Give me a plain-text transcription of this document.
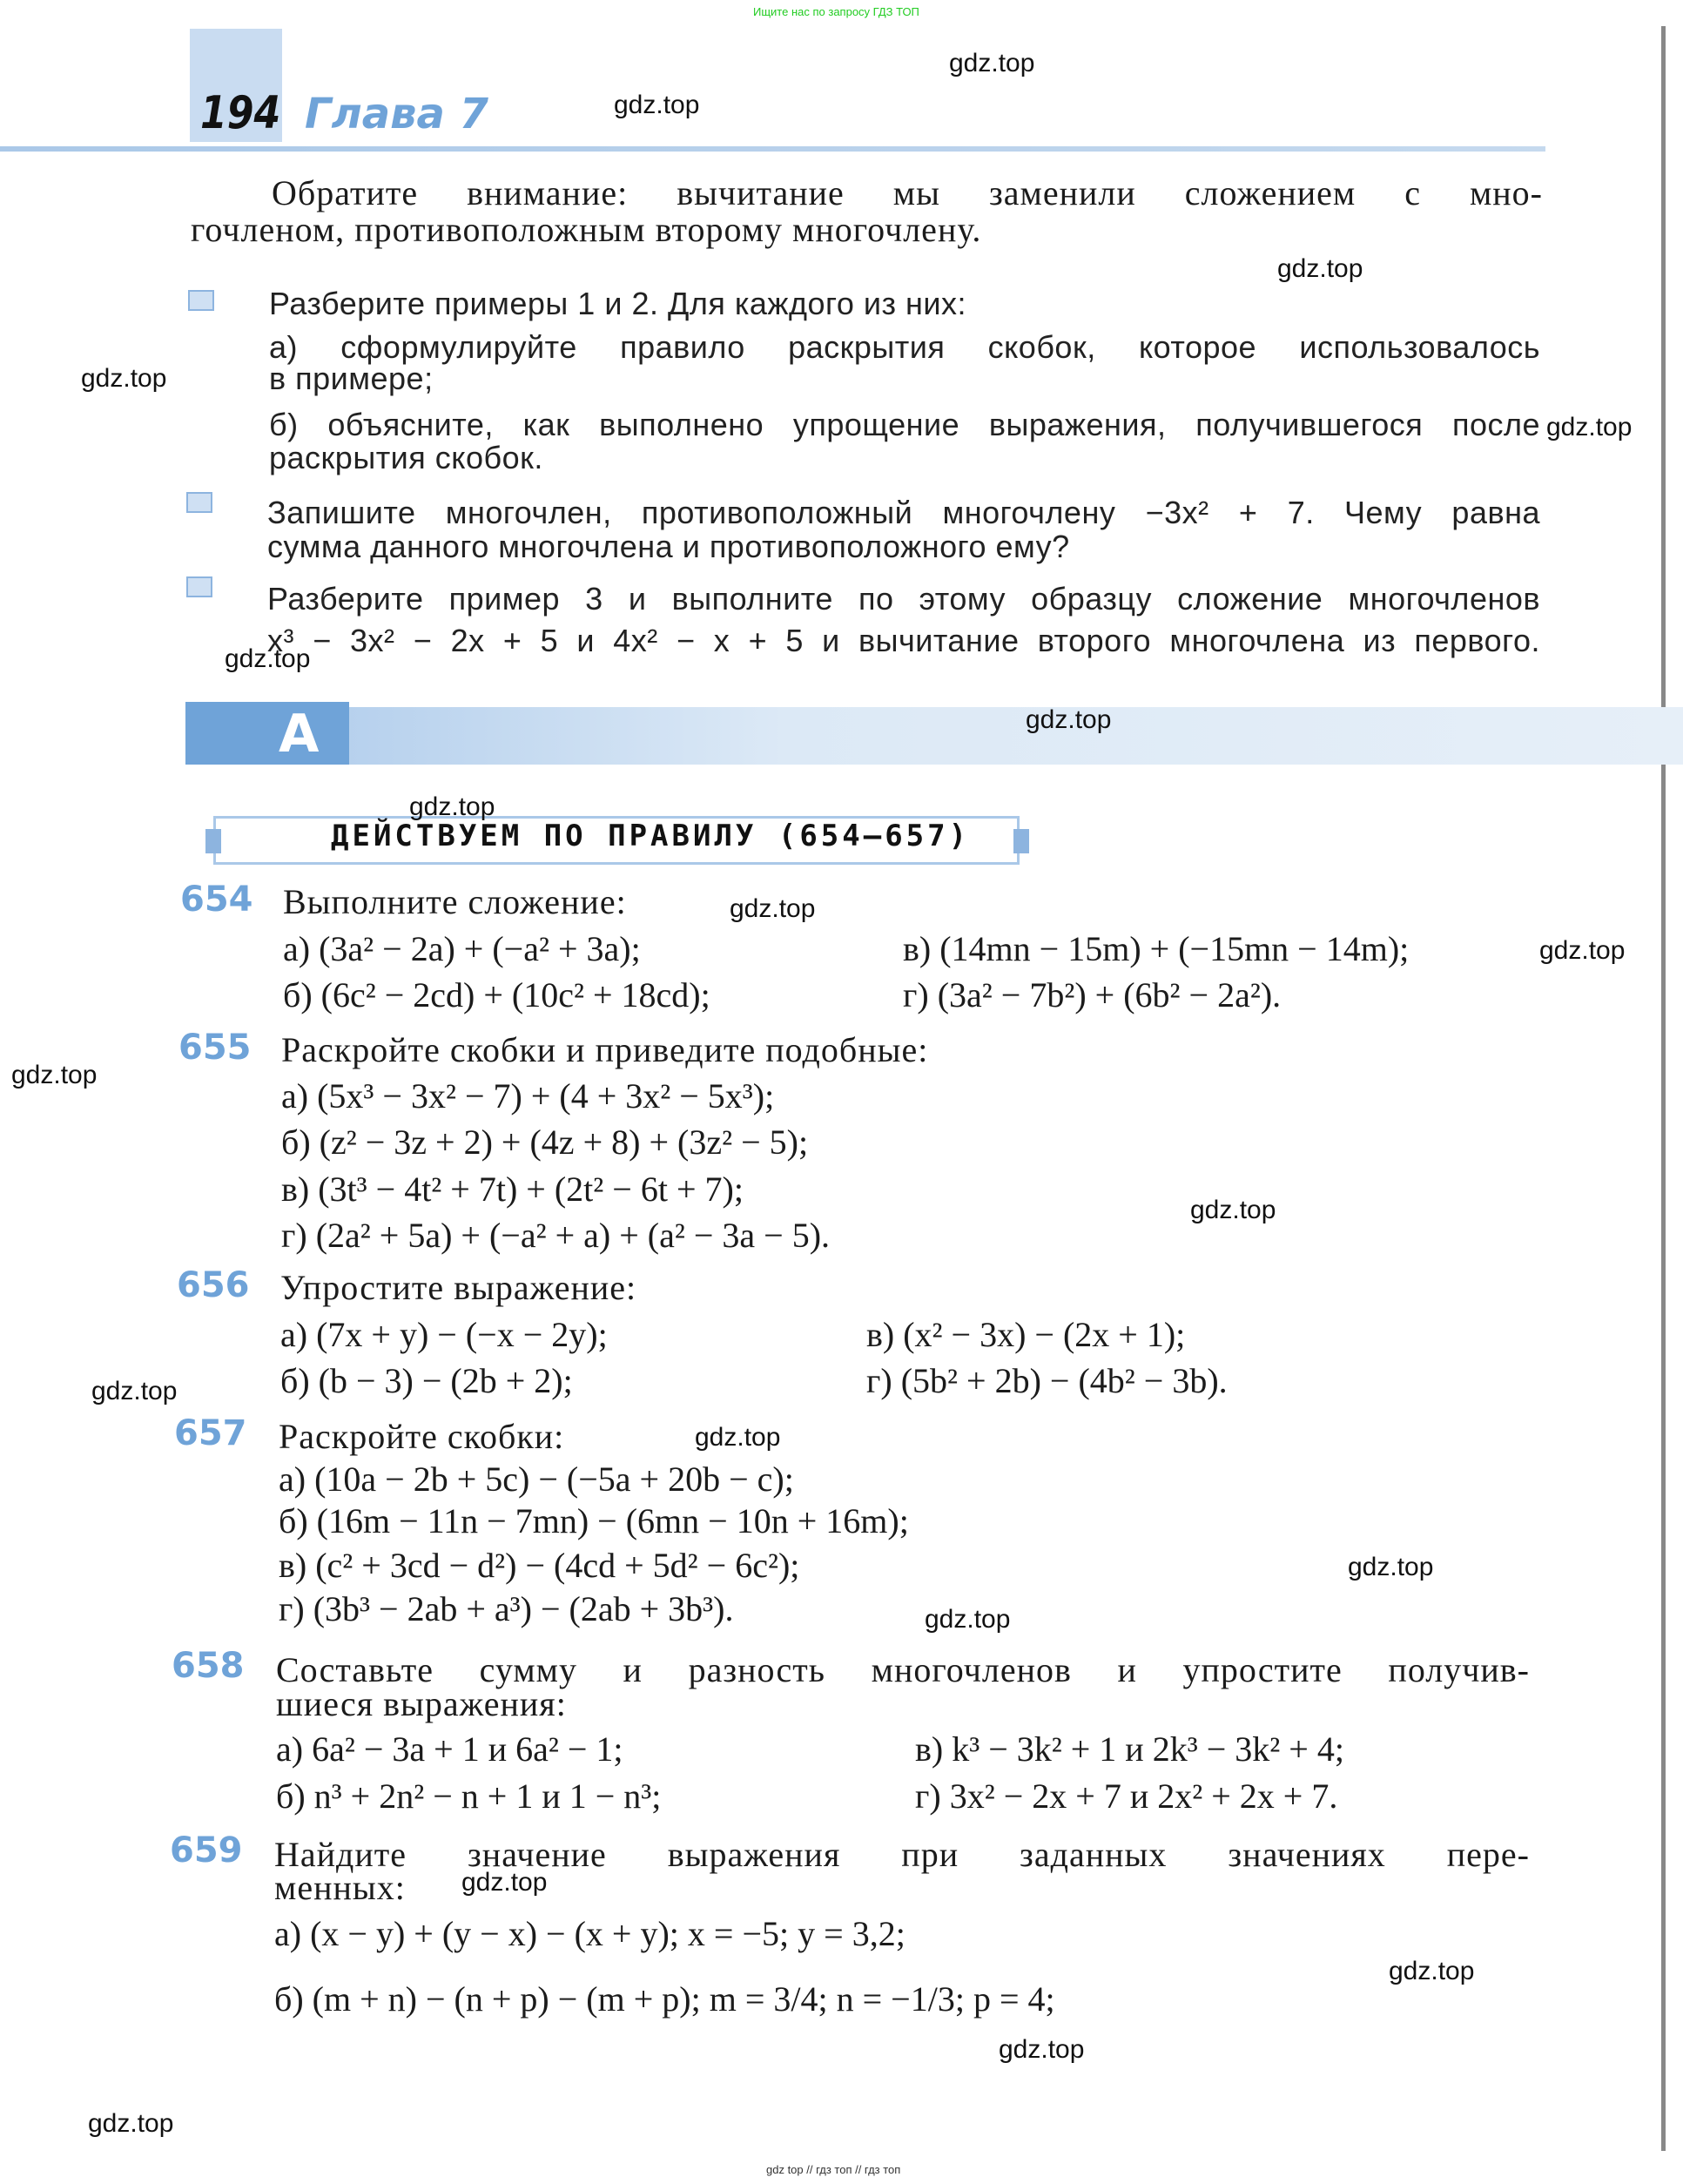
Ищите нас по запросу ГДЗ ТОП
194 Глава 7
Обратите внимание: вычитание мы заменили сложением с мно-
гочленом, противоположным второму многочлену.
Разберите примеры 1 и 2. Для каждого из них:
а) сформулируйте правило раскрытия скобок, которое использовалось
в примере;
б) объясните, как выполнено упрощение выражения, получившегося после
раскрытия скобок.
Запишите многочлен, противоположный многочлену −3x² + 7. Чему равна
сумма данного многочлена и противоположного ему?
Разберите пример 3 и выполните по этому образцу сложение многочленов
x³ − 3x² − 2x + 5 и 4x² − x + 5 и вычитание второго многочлена из первого.
А
ДЕЙСТВУЕМ ПО ПРАВИЛУ (654—657)
654 Выполните сложение:
а) (3a² − 2a) + (−a² + 3a);
б) (6c² − 2cd) + (10c² + 18cd);
в) (14mn − 15m) + (−15mn − 14m);
г) (3a² − 7b²) + (6b² − 2a²).
655 Раскройте скобки и приведите подобные:
а) (5x³ − 3x² − 7) + (4 + 3x² − 5x³);
б) (z² − 3z + 2) + (4z + 8) + (3z² − 5);
в) (3t³ − 4t² + 7t) + (2t² − 6t + 7);
г) (2a² + 5a) + (−a² + a) + (a² − 3a − 5).
656 Упростите выражение:
а) (7x + y) − (−x − 2y);
б) (b − 3) − (2b + 2);
в) (x² − 3x) − (2x + 1);
г) (5b² + 2b) − (4b² − 3b).
657 Раскройте скобки:
а) (10a − 2b + 5c) − (−5a + 20b − c);
б) (16m − 11n − 7mn) − (6mn − 10n + 16m);
в) (c² + 3cd − d²) − (4cd + 5d² − 6c²);
г) (3b³ − 2ab + a³) − (2ab + 3b³).
658 Составьте сумму и разность многочленов и упростите получив-
шиеся выражения:
а) 6a² − 3a + 1 и 6a² − 1;
б) n³ + 2n² − n + 1 и 1 − n³;
в) k³ − 3k² + 1 и 2k³ − 3k² + 4;
г) 3x² − 2x + 7 и 2x² + 2x + 7.
659 Найдите значение выражения при заданных значениях пере-
менных:
а) (x − y) + (y − x) − (x + y); x = −5; y = 3,2;
б) (m + n) − (n + p) − (m + p); m = 3/4; n = −1/3; p = 4;
gdz.top
gdz.top
gdz.top
gdz.top
gdz.top
gdz.top
gdz.top
gdz.top
gdz.top
gdz.top
gdz.top
gdz.top
gdz.top
gdz.top
gdz.top
gdz.top
gdz.top
gdz.top
gdz.top
gdz.top
gdz top // гдз топ // гдз топ
